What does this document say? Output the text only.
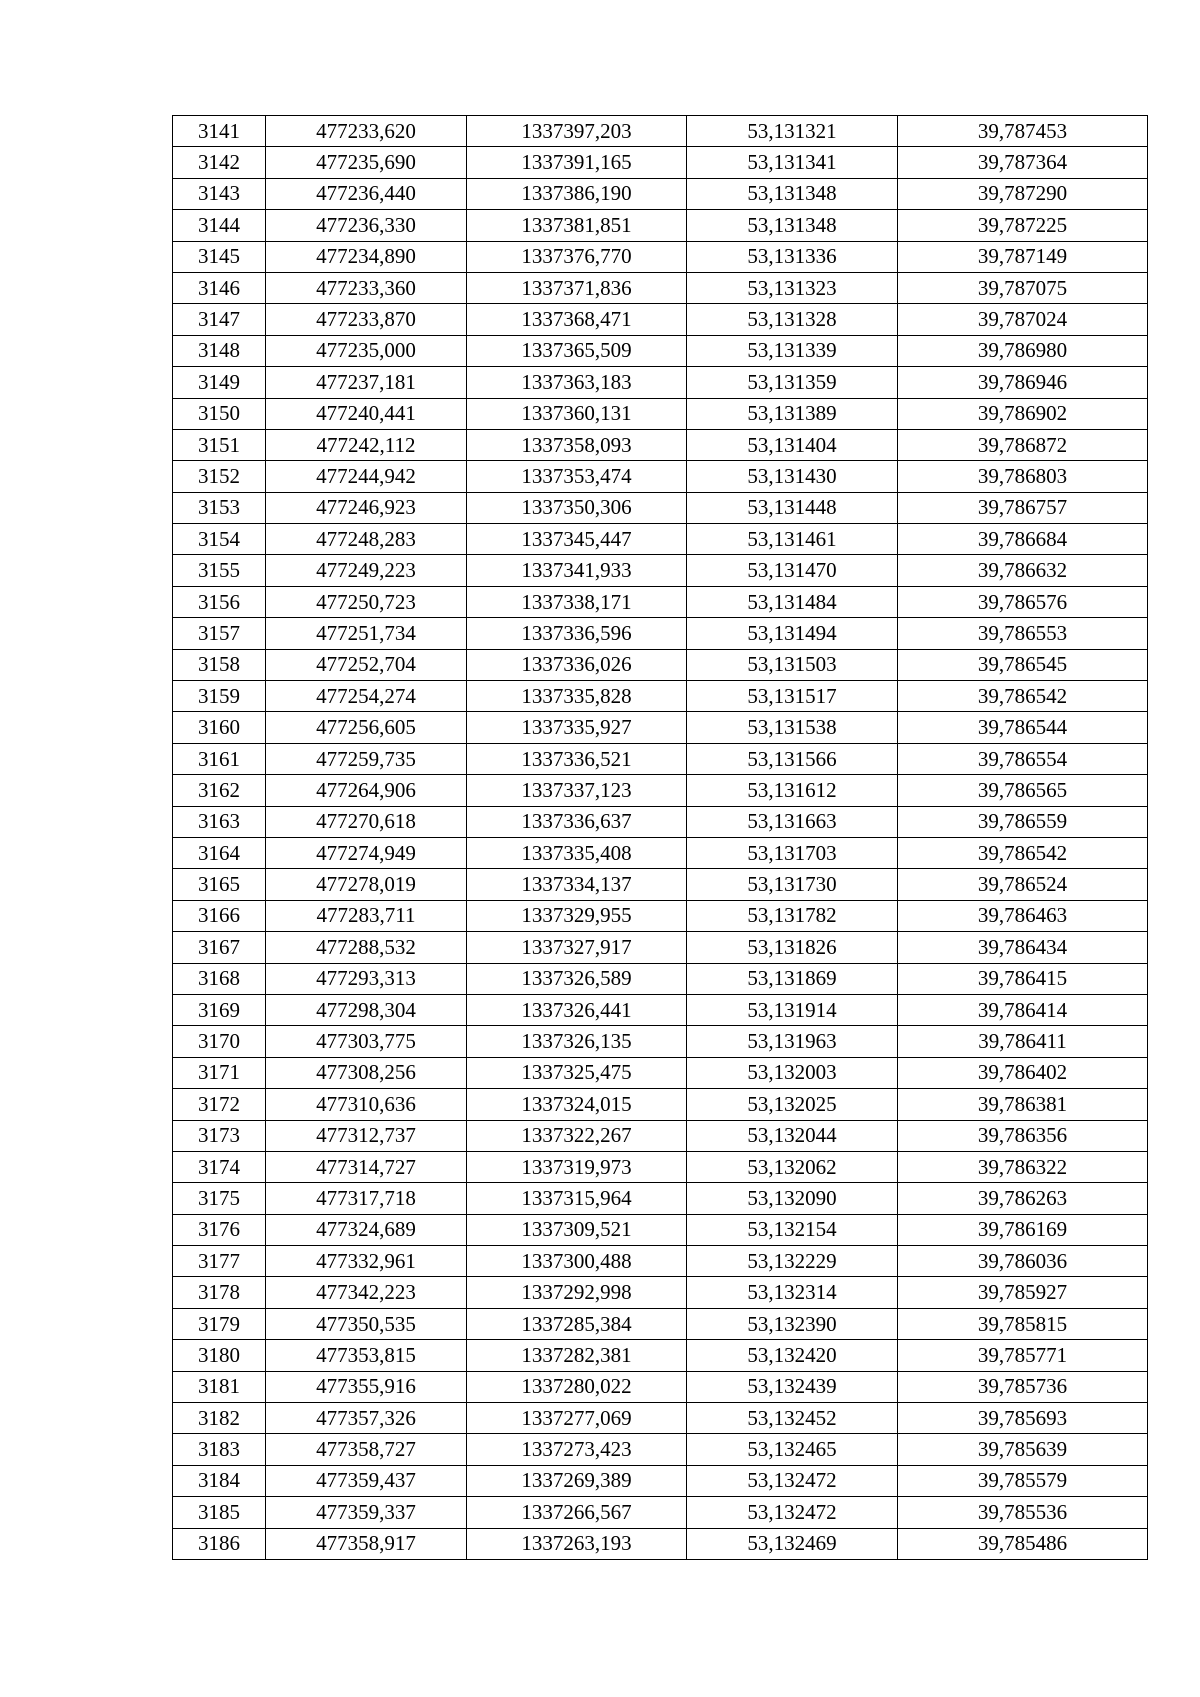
3141	477233,620	1337397,203	53,131321	39,787453
3142	477235,690	1337391,165	53,131341	39,787364
3143	477236,440	1337386,190	53,131348	39,787290
3144	477236,330	1337381,851	53,131348	39,787225
3145	477234,890	1337376,770	53,131336	39,787149
3146	477233,360	1337371,836	53,131323	39,787075
3147	477233,870	1337368,471	53,131328	39,787024
3148	477235,000	1337365,509	53,131339	39,786980
3149	477237,181	1337363,183	53,131359	39,786946
3150	477240,441	1337360,131	53,131389	39,786902
3151	477242,112	1337358,093	53,131404	39,786872
3152	477244,942	1337353,474	53,131430	39,786803
3153	477246,923	1337350,306	53,131448	39,786757
3154	477248,283	1337345,447	53,131461	39,786684
3155	477249,223	1337341,933	53,131470	39,786632
3156	477250,723	1337338,171	53,131484	39,786576
3157	477251,734	1337336,596	53,131494	39,786553
3158	477252,704	1337336,026	53,131503	39,786545
3159	477254,274	1337335,828	53,131517	39,786542
3160	477256,605	1337335,927	53,131538	39,786544
3161	477259,735	1337336,521	53,131566	39,786554
3162	477264,906	1337337,123	53,131612	39,786565
3163	477270,618	1337336,637	53,131663	39,786559
3164	477274,949	1337335,408	53,131703	39,786542
3165	477278,019	1337334,137	53,131730	39,786524
3166	477283,711	1337329,955	53,131782	39,786463
3167	477288,532	1337327,917	53,131826	39,786434
3168	477293,313	1337326,589	53,131869	39,786415
3169	477298,304	1337326,441	53,131914	39,786414
3170	477303,775	1337326,135	53,131963	39,786411
3171	477308,256	1337325,475	53,132003	39,786402
3172	477310,636	1337324,015	53,132025	39,786381
3173	477312,737	1337322,267	53,132044	39,786356
3174	477314,727	1337319,973	53,132062	39,786322
3175	477317,718	1337315,964	53,132090	39,786263
3176	477324,689	1337309,521	53,132154	39,786169
3177	477332,961	1337300,488	53,132229	39,786036
3178	477342,223	1337292,998	53,132314	39,785927
3179	477350,535	1337285,384	53,132390	39,785815
3180	477353,815	1337282,381	53,132420	39,785771
3181	477355,916	1337280,022	53,132439	39,785736
3182	477357,326	1337277,069	53,132452	39,785693
3183	477358,727	1337273,423	53,132465	39,785639
3184	477359,437	1337269,389	53,132472	39,785579
3185	477359,337	1337266,567	53,132472	39,785536
3186	477358,917	1337263,193	53,132469	39,785486
